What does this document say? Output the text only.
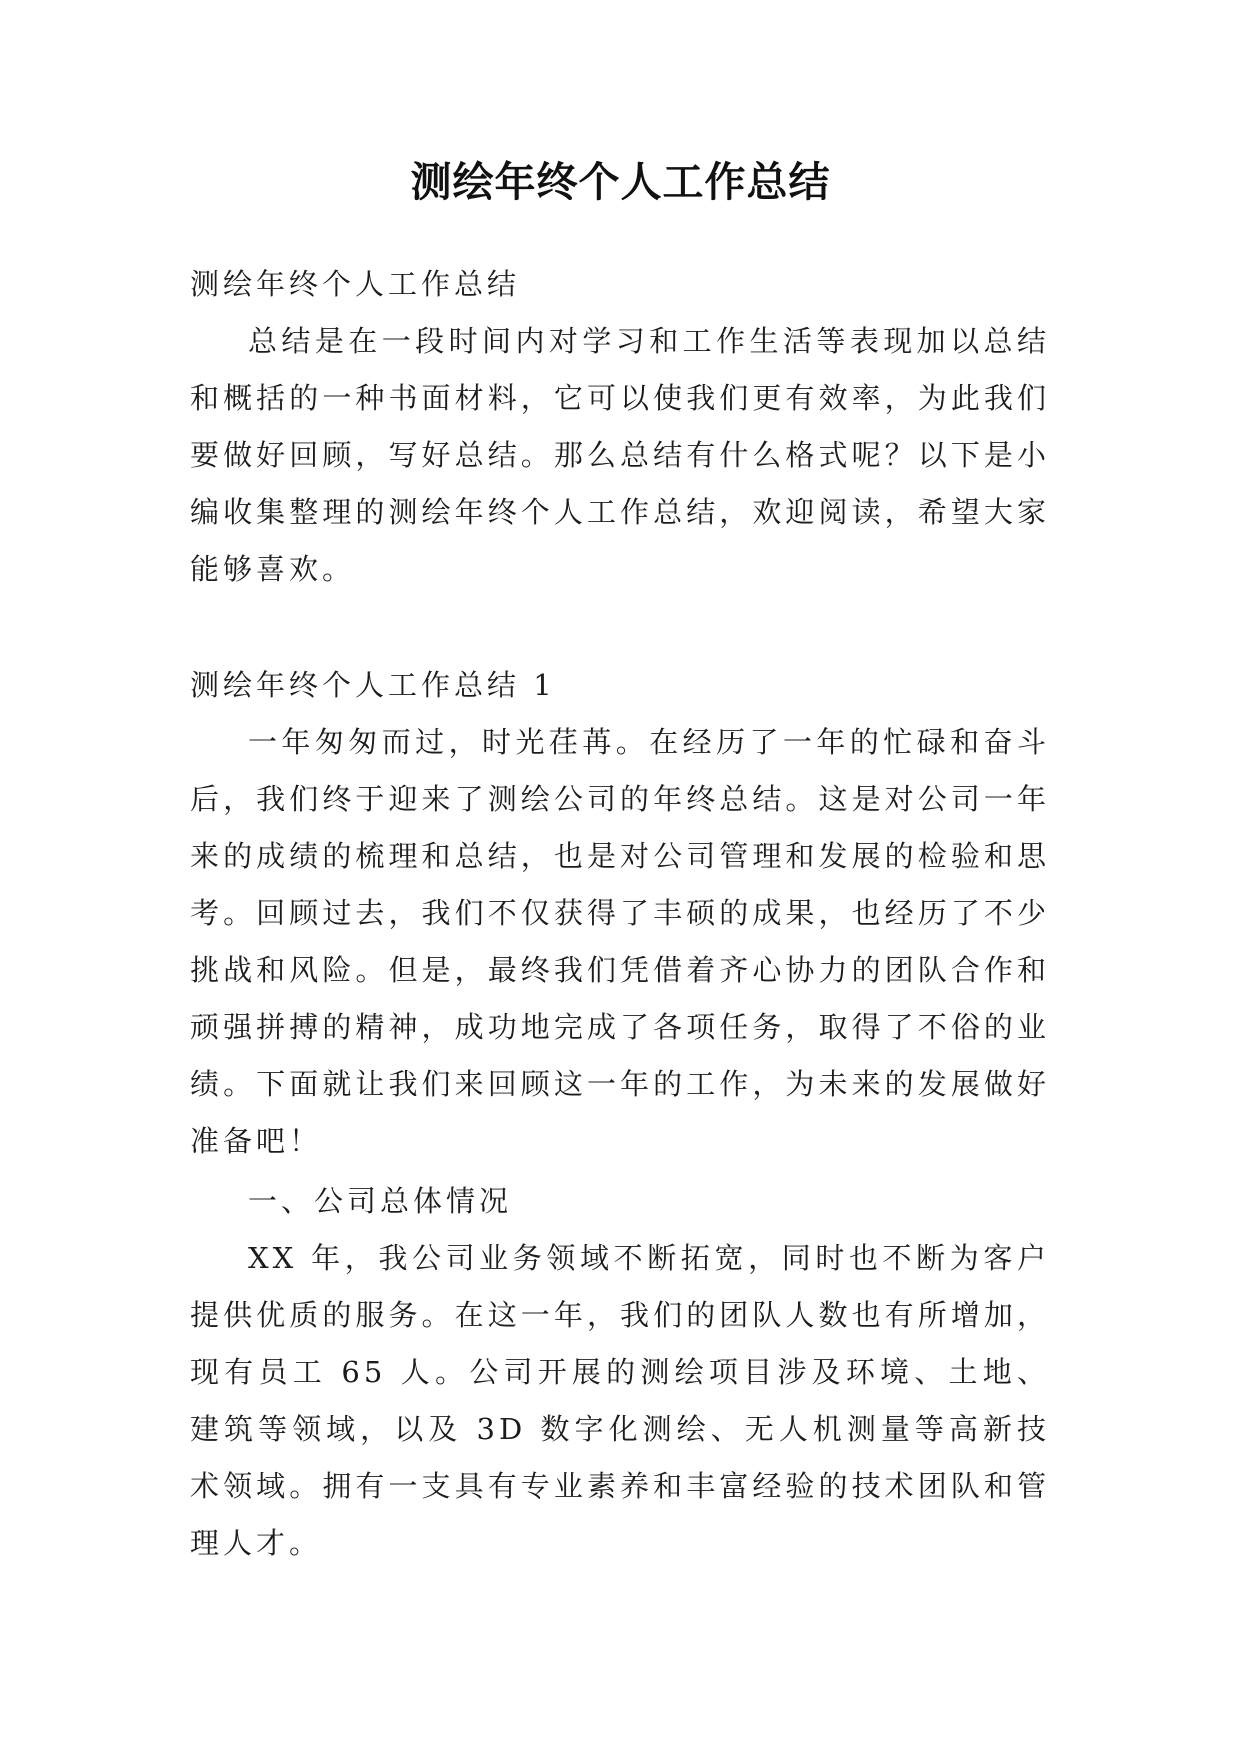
测绘年终个人工作总结
测绘年终个人工作总结

总结是在一段时间内对学习和工作生活等表现加以总结和概括的一种书面材料，它可以使我们更有效率，为此我们要做好回顾，写好总结。那么总结有什么格式呢？以下是小编收集整理的测绘年终个人工作总结，欢迎阅读，希望大家能够喜欢。

测绘年终个人工作总结 1

一年匆匆而过，时光荏苒。在经历了一年的忙碌和奋斗后，我们终于迎来了测绘公司的年终总结。这是对公司一年来的成绩的梳理和总结，也是对公司管理和发展的检验和思考。回顾过去，我们不仅获得了丰硕的成果，也经历了不少挑战和风险。但是，最终我们凭借着齐心协力的团队合作和顽强拼搏的精神，成功地完成了各项任务，取得了不俗的业绩。下面就让我们来回顾这一年的工作，为未来的发展做好准备吧！

一、公司总体情况

XX 年，我公司业务领域不断拓宽，同时也不断为客户提供优质的服务。在这一年，我们的团队人数也有所增加，现有员工 65 人。公司开展的测绘项目涉及环境、土地、建筑等领域，以及 3D 数字化测绘、无人机测量等高新技术领域。拥有一支具有专业素养和丰富经验的技术团队和管理人才。
